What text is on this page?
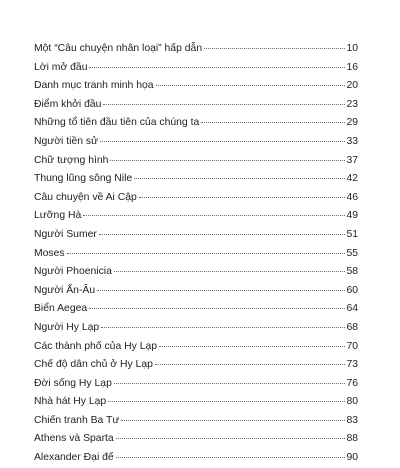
Một “Câu chuyện nhân loại” hấp dẫn	10
Lời mở đầu	16
Danh mục tranh minh họa	20
Điểm khởi đầu	23
Những tổ tiên đầu tiên của chúng ta	29
Người tiền sử	33
Chữ tượng hình	37
Thung lũng sông Nile	42
Câu chuyện về Ai Cập	46
Lưỡng Hà	49
Người Sumer	51
Moses	55
Người Phoenicia	58
Người Ấn-Âu	60
Biển Aegea	64
Người Hy Lạp	68
Các thành phố của Hy Lạp	70
Chế độ dân chủ ở Hy Lạp	73
Đời sống Hy Lạp	76
Nhà hát Hy Lạp	80
Chiến tranh Ba Tư	83
Athens và Sparta	88
Alexander Đại đế	90
